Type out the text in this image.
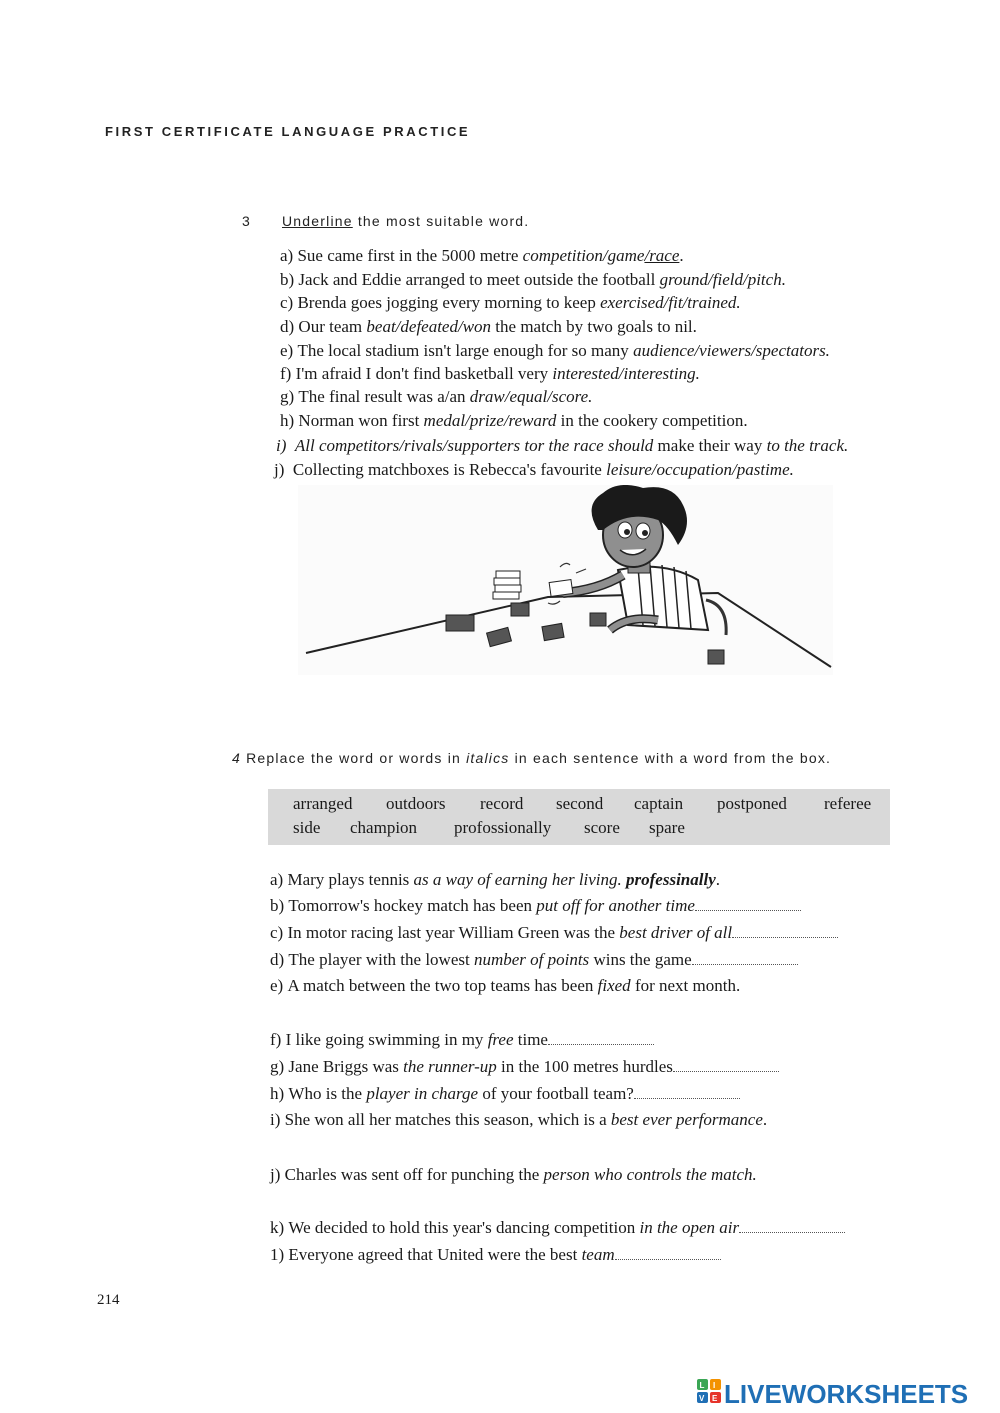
FIRST CERTIFICATE LANGUAGE PRACTICE
3 Underline the most suitable word.
a) Sue came first in the 5000 metre competition/game/race.
b) Jack and Eddie arranged to meet outside the football ground/field/pitch.
c) Brenda goes jogging every morning to keep exercised/fit/trained.
d) Our team beat/defeated/won the match by two goals to nil.
e) The local stadium isn't large enough for so many audience/viewers/spectators.
f) I'm afraid I don't find basketball very interested/interesting.
g) The final result was a/an draw/equal/score.
h) Norman won first medal/prize/reward in the cookery competition.
i) All competitors/rivals/supporters tor the race should make their way to the track.
j) Collecting matchboxes is Rebecca's favourite leisure/occupation/pastime.
4 Replace the word or words in italics in each sentence with a word from the box.
arranged outdoors record second captain postponed referee
side champion profossionally score spare
a) Mary plays tennis as a way of earning her living. professinally.
b) Tomorrow's hockey match has been put off for another time
c) In motor racing last year William Green was the best driver of all
d) The player with the lowest number of points wins the game
e) A match between the two top teams has been fixed for next month.
f) I like going swimming in my free time
g) Jane Briggs was the runner-up in the 100 metres hurdles
h) Who is the player in charge of your football team?
i) She won all her matches this season, which is a best ever performance.
j) Charles was sent off for punching the person who controls the match.
k) We decided to hold this year's dancing competition in the open air
1) Everyone agreed that United were the best team
214
L I
V E LIVEWORKSHEETS
